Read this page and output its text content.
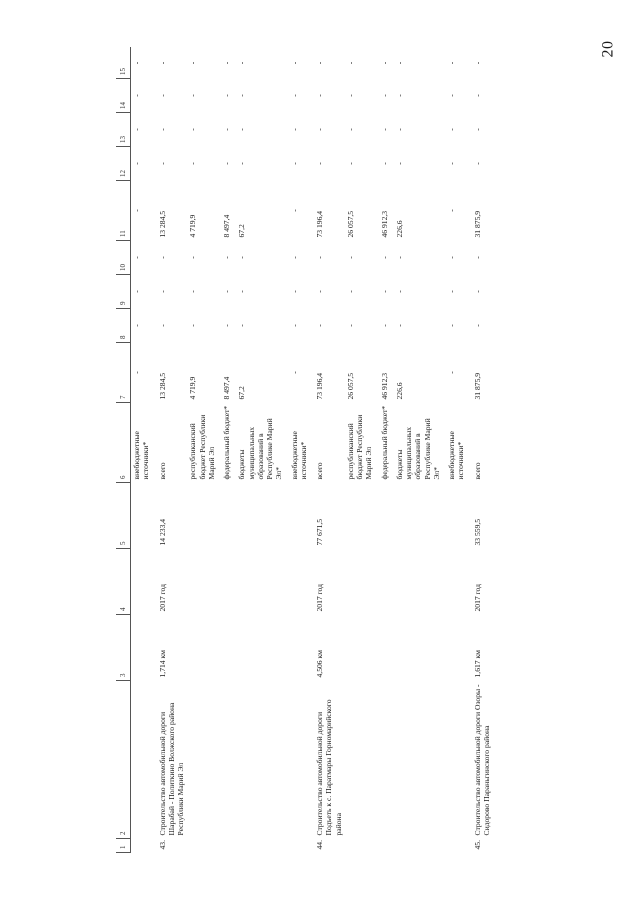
20
1	2	3	4	5	6	7	8	9	10	11	12	13	14	15
					внебюджетные источники*	-	-	-	-	-	-	-	-	-
43.	Строительство автомобильной дороги Шарабай - Политкино Волжского района Республики Марий Эл	1,714 км	2017 год	14 233,4	всего	13 284,5	-	-	-	13 284,5	-	-	-	-
					республиканский бюджет Республики Марий Эл	4 719,9	-	-	-	4 719,9	-	-	-	-
					федеральный бюджет*	8 497,4	-	-	-	8 497,4	-	-	-	-
					бюджеты муниципальных образований в Республике Марий Эл*	67,2	-	-	-	67,2	-	-	-	-
					внебюджетные источники*	-	-	-	-	-	-	-	-	-
44.	Строительство автомобильной дороги Подъеть к с. Паратмары Горномарийского района	4,506 км	2017 год	77 671,5	всего	73 196,4	-	-	-	73 196,4	-	-	-	-
					республиканский бюджет Республики Марий Эл	26 057,5	-	-	-	26 057,5	-	-	-	-
					федеральный бюджет*	46 912,3	-	-	-	46 912,3	-	-	-	-
					бюджеты муниципальных образований в Республике Марий Эл*	226,6	-	-	-	226,6	-	-	-	-
					внебюджетные источники*	-	-	-	-	-	-	-	-	-
45.	Строительство автомобильной дороги Озоры - Сидорово Параньгинского района	1,617 км	2017 год	33 559,5	всего	31 875,9	-	-	-	31 875,9	-	-	-	-
